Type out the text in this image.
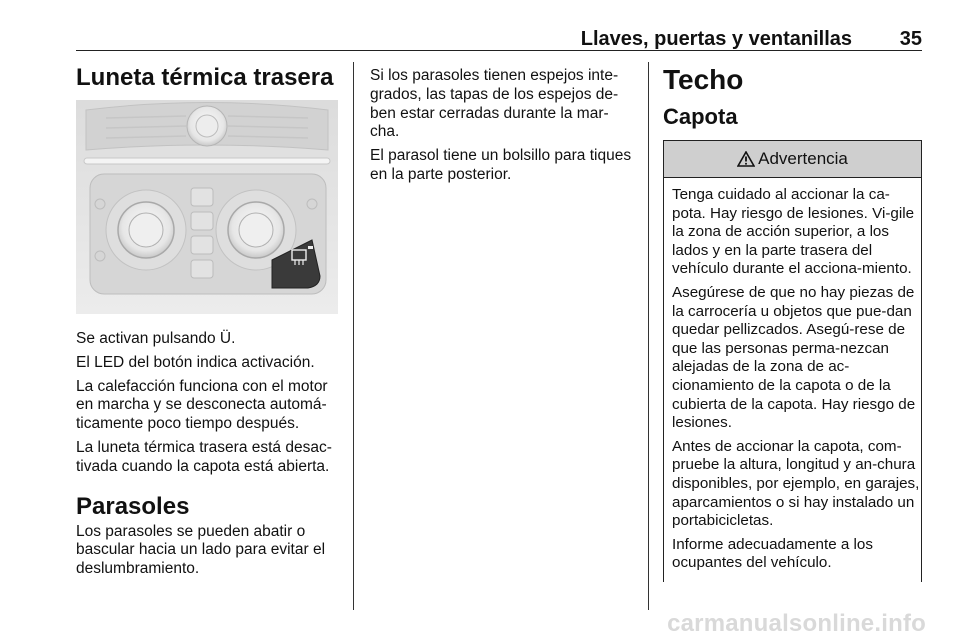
Llaves, puertas y ventanillas	35
Luneta térmica trasera

Se activan pulsando Ü.

El LED del botón indica activación.

La calefacción funciona con el motor en marcha y se desconecta automá-ticamente poco tiempo después.

La luneta térmica trasera está desac-tivada cuando la capota está abierta.

Parasoles

Los parasoles se pueden abatir o bascular hacia un lado para evitar el deslumbramiento.

Si los parasoles tienen espejos inte-grados, las tapas de los espejos de-ben estar cerradas durante la mar-cha.

El parasol tiene un bolsillo para tiques en la parte posterior.

Techo
Capota
Advertencia

Tenga cuidado al accionar la ca-pota. Hay riesgo de lesiones. Vi-gile la zona de acción superior, a los lados y en la parte trasera del vehículo durante el acciona-miento.

Asegúrese de que no hay piezas de la carrocería u objetos que pue-dan quedar pellizcados. Asegú-rese de que las personas perma-nezcan alejadas de la zona de ac-cionamiento de la capota o de la cubierta de la capota. Hay riesgo de lesiones.

Antes de accionar la capota, com-pruebe la altura, longitud y an-chura disponibles, por ejemplo, en garajes, aparcamientos o si hay instalado un portabicicletas.

Informe adecuadamente a los ocupantes del vehículo.

carmanualsonline.info
